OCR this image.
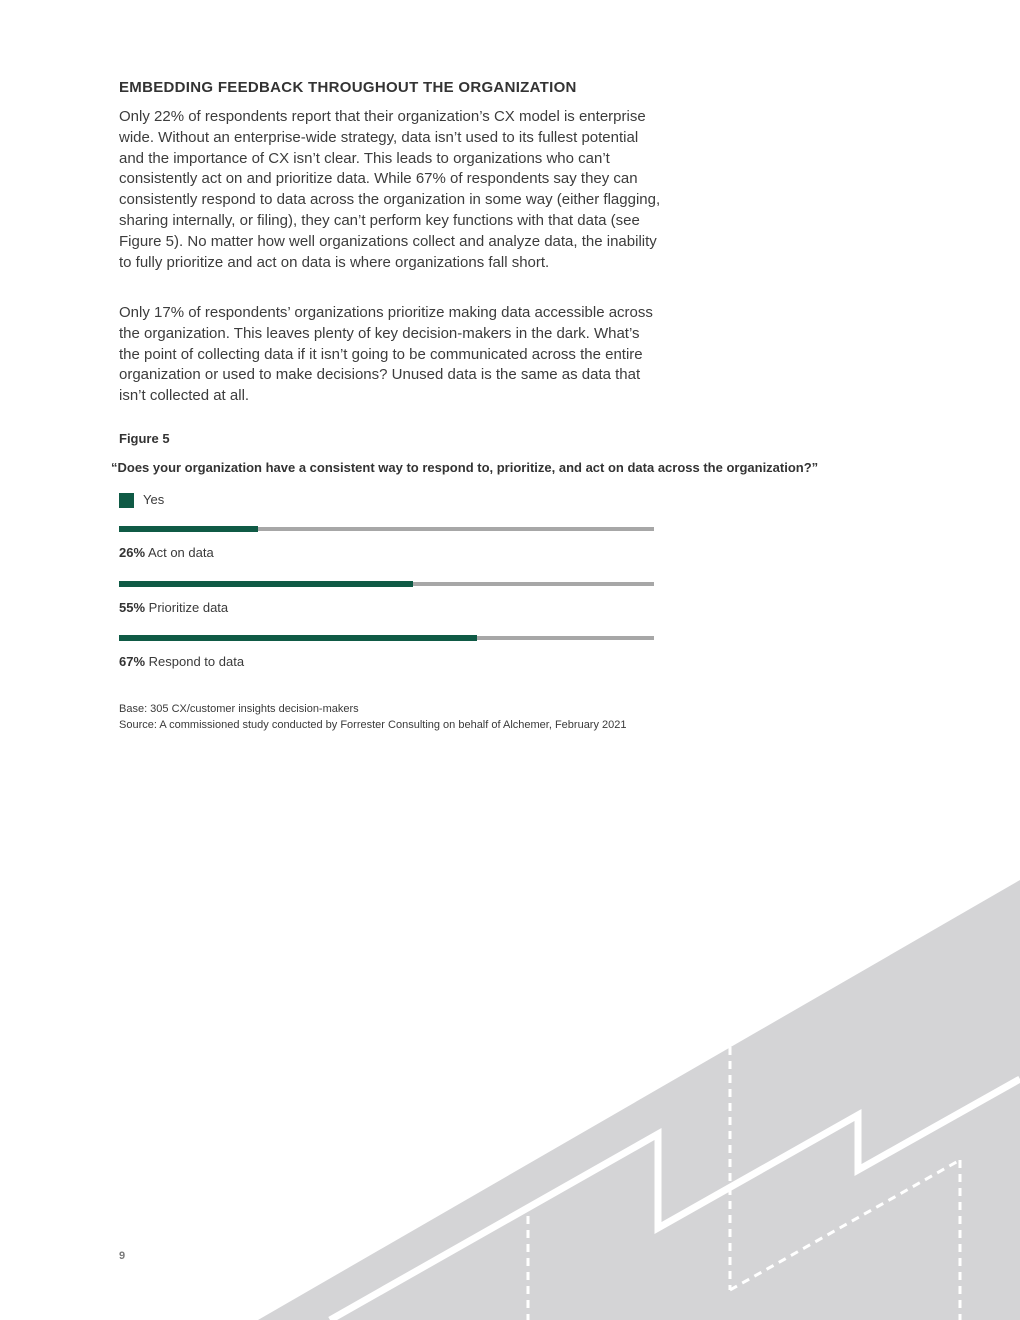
EMBEDDING FEEDBACK THROUGHOUT THE ORGANIZATION

Only 22% of respondents report that their organization’s CX model is enterprise wide. Without an enterprise-wide strategy, data isn’t used to its fullest potential and the importance of CX isn’t clear. This leads to organizations who can’t consistently act on and prioritize data. While 67% of respondents say they can consistently respond to data across the organization in some way (either flagging, sharing internally, or filing), they can’t perform key functions with that data (see Figure 5). No matter how well organizations collect and analyze data, the inability to fully prioritize and act on data is where organizations fall short.

Only 17% of respondents’ organizations prioritize making data accessible across the organization. This leaves plenty of key decision-makers in the dark. What’s the point of collecting data if it isn’t going to be communicated across the entire organization or used to make decisions? Unused data is the same as data that isn’t collected at all.

Figure 5
“Does your organization have a consistent way to respond to, prioritize, and act on data across the organization?”
Yes
26% Act on data
55% Prioritize data
67% Respond to data
Base: 305 CX/customer insights decision-makers
Source: A commissioned study conducted by Forrester Consulting on behalf of Alchemer, February 2021
9
